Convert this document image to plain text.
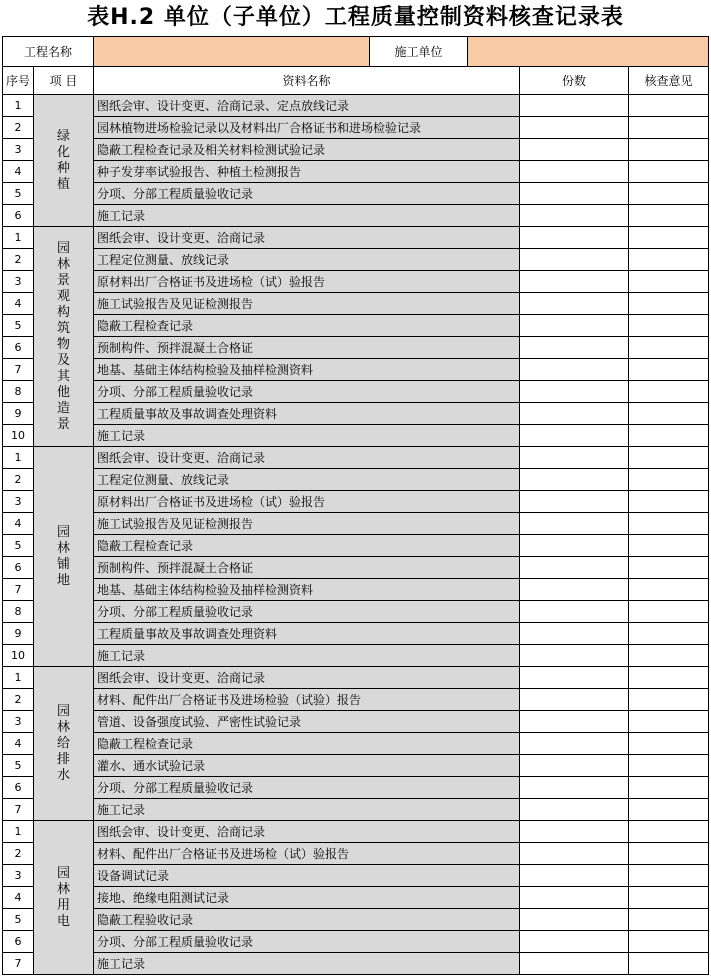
表H.2 单位（子单位）工程质量控制资料核查记录表
工程名称			施工单位				
序号	项 目	资料名称			份数	核查意见	
1	绿化种植	图纸会审、设计变更、洽商记录、定点放线记录					
2		园林植物进场检验记录以及材料出厂合格证书和进场检验记录					
3		隐蔽工程检查记录及相关材料检测试验记录					
4		种子发芽率试验报告、种植土检测报告					
5		分项、分部工程质量验收记录					
6		施工记录					
1	园林景观构筑物及其他造景	图纸会审、设计变更、洽商记录					
2		工程定位测量、放线记录					
3		原材料出厂合格证书及进场检（试）验报告					
4		施工试验报告及见证检测报告					
5		隐蔽工程检查记录					
6		预制构件、预拌混凝土合格证					
7		地基、基础主体结构检验及抽样检测资料					
8		分项、分部工程质量验收记录					
9		工程质量事故及事故调查处理资料					
10		施工记录					
1	园林铺地	图纸会审、设计变更、洽商记录					
2		工程定位测量、放线记录					
3		原材料出厂合格证书及进场检（试）验报告					
4		施工试验报告及见证检测报告					
5		隐蔽工程检查记录					
6		预制构件、预拌混凝土合格证					
7		地基、基础主体结构检验及抽样检测资料					
8		分项、分部工程质量验收记录					
9		工程质量事故及事故调查处理资料					
10		施工记录					
1	园林给排水	图纸会审、设计变更、洽商记录					
2		材料、配件出厂合格证书及进场检验（试验）报告					
3		管道、设备强度试验、严密性试验记录					
4		隐蔽工程检查记录					
5		灌水、通水试验记录					
6		分项、分部工程质量验收记录					
7		施工记录					
1	园林用电	图纸会审、设计变更、洽商记录					
2		材料、配件出厂合格证书及进场检（试）验报告					
3		设备调试记录					
4		接地、绝缘电阻测试记录					
5		隐蔽工程验收记录					
6		分项、分部工程质量验收记录					
7		施工记录					
